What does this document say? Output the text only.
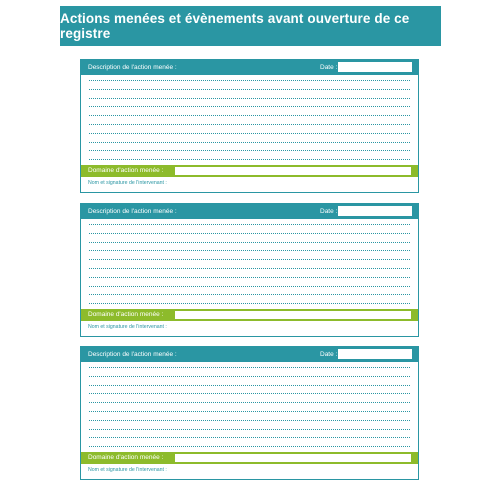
Actions menées et évènements avant ouverture de ce registre
Description de l'action menée :	Date :
Domaine d'action menée :
Nom et signature de l'intervenant :
Description de l'action menée :	Date :
Domaine d'action menée :
Nom et signature de l'intervenant :
Description de l'action menée :	Date :
Domaine d'action menée :
Nom et signature de l'intervenant :
